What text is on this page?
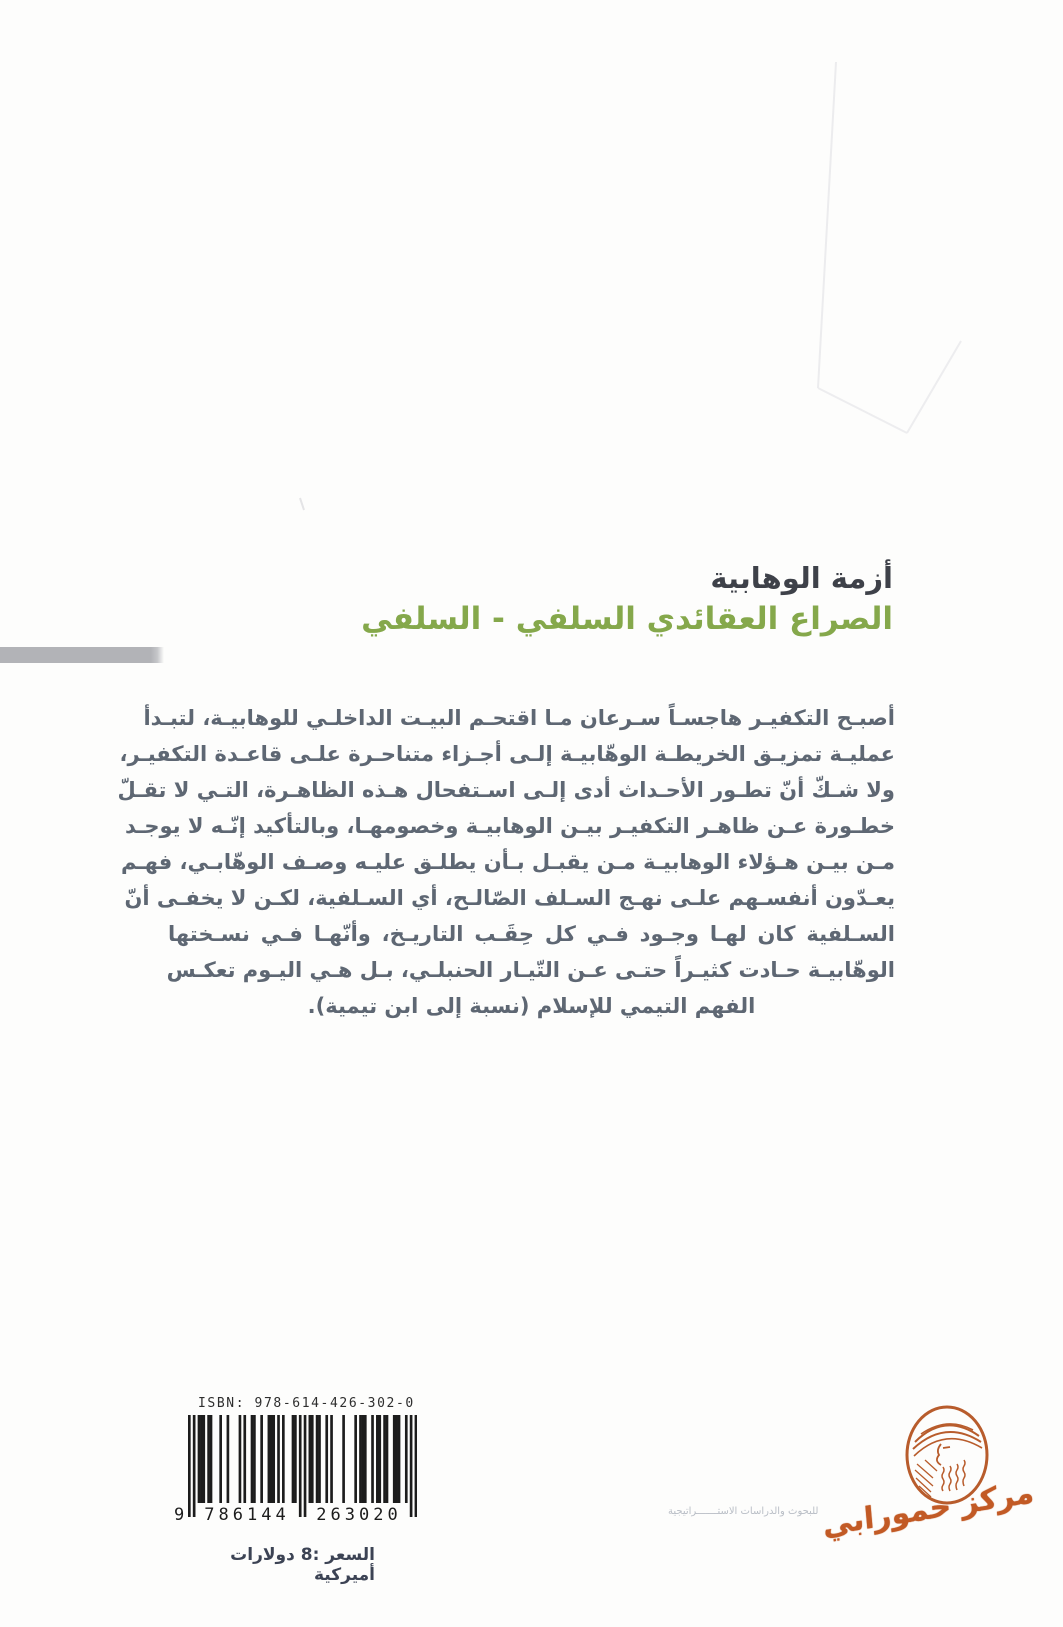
أزمة الوهابية
الصراع العقائدي السلفي - السلفي
أصبـح التكفيـر هاجسـاً سـرعان مـا اقتحـم البيـت الداخلـي للوهابيـة، لتبـدأ
عمليـة تمزيـق الخريطـة الوهّابيـة إلـى أجـزاء متناحـرة علـى قاعـدة التكفيـر،
ولا شـكّ أنّ تطـور الأحـداث أدى إلـى اسـتفحال هـذه الظاهـرة، التـي لا تقـلّ
خطـورة عـن ظاهـر التكفيـر بيـن الوهابيـة وخصومهـا، وبالتأكيد إنّـه لا يوجـد
مـن بيـن هـؤلاء الوهابيـة مـن يقبـل بـأن يطلـق عليـه وصـف الوهّابـي، فهـم
يعـدّون أنفسـهم علـى نهـج السـلف الصّالـح، أي السـلفية، لكـن لا يخفـى أنّ
السـلفية كان لهـا وجـود فـي كل حِقَـب التاريـخ، وأنّهـا فـي نسـختها
الوهّابيـة حـادت كثيـراً حتـى عـن التّيـار الحنبلـي، بـل هـي اليـوم تعكـس
الفهم التيمي للإسلام (نسبة إلى ابن تيمية).
ISBN: 978-614-426-302-0
9 786144 263020
السعر :8 دولارات أميركية
مركز حمورابي
للبحوث والدراسات الاستـــــــراتيجية
